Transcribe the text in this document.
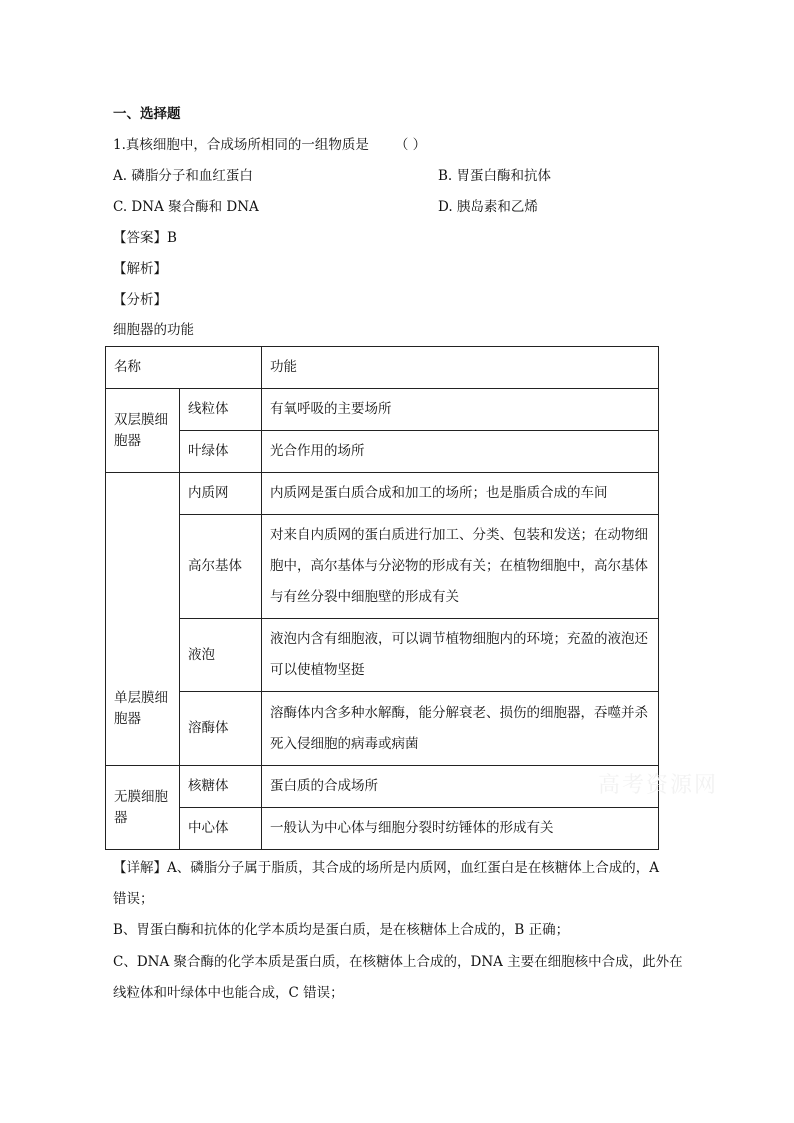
一、选择题
1.真核细胞中，合成场所相同的一组物质是 （ ）
A. 磷脂分子和血红蛋白	B. 胃蛋白酶和抗体
C. DNA 聚合酶和 DNA	D. 胰岛素和乙烯
【答案】B
【解析】
【分析】
细胞器的功能
名称		功能
双层膜细胞器	线粒体	有氧呼吸的主要场所
	叶绿体	光合作用的场所
单层膜细胞器	内质网	内质网是蛋白质合成和加工的场所；也是脂质合成的车间
	高尔基体	对来自内质网的蛋白质进行加工、分类、包装和发送；在动物细胞中，高尔基体与分泌物的形成有关；在植物细胞中，高尔基体与有丝分裂中细胞壁的形成有关
	液泡	液泡内含有细胞液，可以调节植物细胞内的环境；充盈的液泡还可以使植物坚挺
	溶酶体	溶酶体内含多种水解酶，能分解衰老、损伤的细胞器，吞噬并杀死入侵细胞的病毒或病菌
无膜细胞器	核糖体	蛋白质的合成场所
	中心体	一般认为中心体与细胞分裂时纺锤体的形成有关
【详解】A、磷脂分子属于脂质，其合成的场所是内质网，血红蛋白是在核糖体上合成的，A
错误；
B、胃蛋白酶和抗体的化学本质均是蛋白质，是在核糖体上合成的，B 正确；
C、DNA 聚合酶的化学本质是蛋白质，在核糖体上合成的，DNA 主要在细胞核中合成，此外在
线粒体和叶绿体中也能合成，C 错误；
高考资源网
